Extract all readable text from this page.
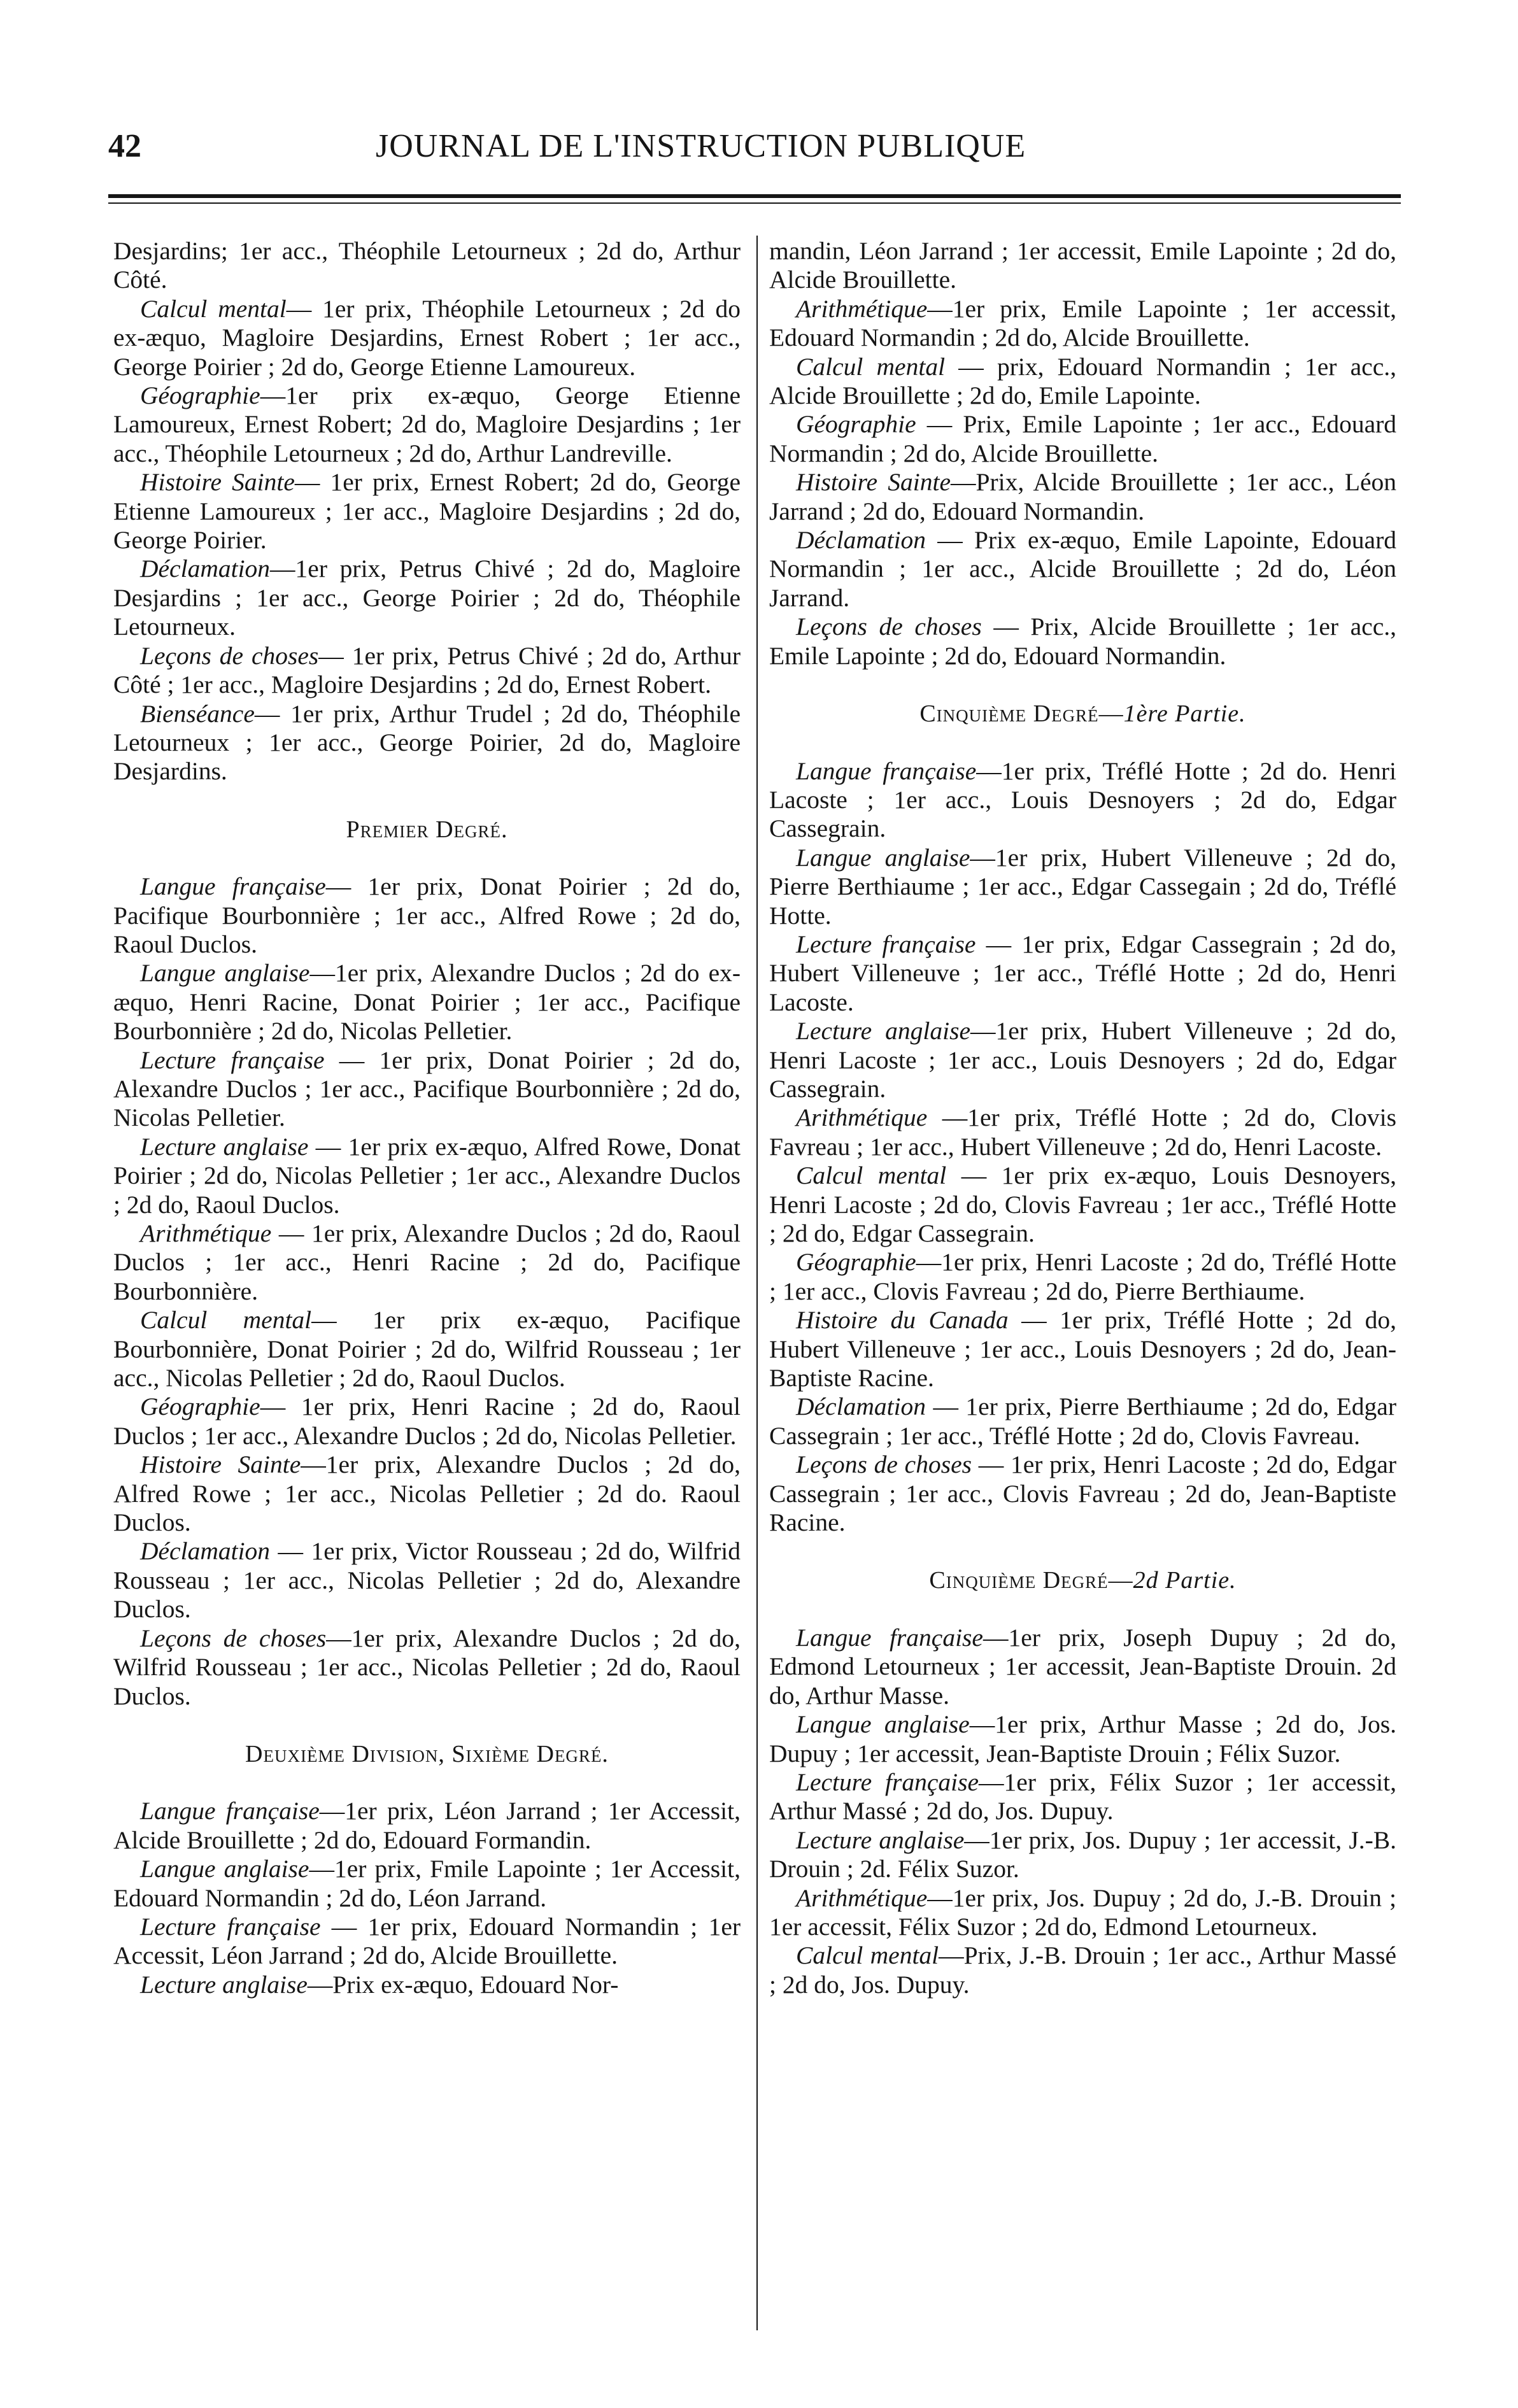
42	JOURNAL DE L'INSTRUCTION PUBLIQUE

Desjardins; 1er acc., Théophile Letourneux ; 2d do, Arthur Côté.

Calcul mental— 1er prix, Théophile Letourneux ; 2d do ex-æquo, Magloire Desjardins, Ernest Robert ; 1er acc., George Poirier ; 2d do, George Etienne Lamoureux.

Géographie—1er prix ex-æquo, George Etienne Lamoureux, Ernest Robert; 2d do, Magloire Desjardins ; 1er acc., Théophile Letourneux ; 2d do, Arthur Landreville.

Histoire Sainte— 1er prix, Ernest Robert; 2d do, George Etienne Lamoureux ; 1er acc., Magloire Desjardins ; 2d do, George Poirier.

Déclamation—1er prix, Petrus Chivé ; 2d do, Magloire Desjardins ; 1er acc., George Poirier ; 2d do, Théophile Letourneux.

Leçons de choses— 1er prix, Petrus Chivé ; 2d do, Arthur Côté ; 1er acc., Magloire Desjardins ; 2d do, Ernest Robert.

Bienséance— 1er prix, Arthur Trudel ; 2d do, Théophile Letourneux ; 1er acc., George Poirier, 2d do, Magloire Desjardins.

Premier Degré.

Langue française— 1er prix, Donat Poirier ; 2d do, Pacifique Bourbonnière ; 1er acc., Alfred Rowe ; 2d do, Raoul Duclos.

Langue anglaise—1er prix, Alexandre Duclos ; 2d do ex-æquo, Henri Racine, Donat Poirier ; 1er acc., Pacifique Bourbonnière ; 2d do, Nicolas Pelletier.

Lecture française — 1er prix, Donat Poirier ; 2d do, Alexandre Duclos ; 1er acc., Pacifique Bourbonnière ; 2d do, Nicolas Pelletier.

Lecture anglaise — 1er prix ex-æquo, Alfred Rowe, Donat Poirier ; 2d do, Nicolas Pelletier ; 1er acc., Alexandre Duclos ; 2d do, Raoul Duclos.

Arithmétique — 1er prix, Alexandre Duclos ; 2d do, Raoul Duclos ; 1er acc., Henri Racine ; 2d do, Pacifique Bourbonnière.

Calcul mental— 1er prix ex-æquo, Pacifique Bourbonnière, Donat Poirier ; 2d do, Wilfrid Rousseau ; 1er acc., Nicolas Pelletier ; 2d do, Raoul Duclos.

Géographie— 1er prix, Henri Racine ; 2d do, Raoul Duclos ; 1er acc., Alexandre Duclos ; 2d do, Nicolas Pelletier.

Histoire Sainte—1er prix, Alexandre Duclos ; 2d do, Alfred Rowe ; 1er acc., Nicolas Pelletier ; 2d do. Raoul Duclos.

Déclamation — 1er prix, Victor Rousseau ; 2d do, Wilfrid Rousseau ; 1er acc., Nicolas Pelletier ; 2d do, Alexandre Duclos.

Leçons de choses—1er prix, Alexandre Duclos ; 2d do, Wilfrid Rousseau ; 1er acc., Nicolas Pelletier ; 2d do, Raoul Duclos.

Deuxième Division, Sixième Degré.

Langue française—1er prix, Léon Jarrand ; 1er Accessit, Alcide Brouillette ; 2d do, Edouard Formandin.

Langue anglaise—1er prix, Fmile Lapointe ; 1er Accessit, Edouard Normandin ; 2d do, Léon Jarrand.

Lecture française — 1er prix, Edouard Normandin ; 1er Accessit, Léon Jarrand ; 2d do, Alcide Brouillette.

Lecture anglaise—Prix ex-æquo, Edouard Nor-

mandin, Léon Jarrand ; 1er accessit, Emile Lapointe ; 2d do, Alcide Brouillette.

Arithmétique—1er prix, Emile Lapointe ; 1er accessit, Edouard Normandin ; 2d do, Alcide Brouillette.

Calcul mental — prix, Edouard Normandin ; 1er acc., Alcide Brouillette ; 2d do, Emile Lapointe.

Géographie — Prix, Emile Lapointe ; 1er acc., Edouard Normandin ; 2d do, Alcide Brouillette.

Histoire Sainte—Prix, Alcide Brouillette ; 1er acc., Léon Jarrand ; 2d do, Edouard Normandin.

Déclamation — Prix ex-æquo, Emile Lapointe, Edouard Normandin ; 1er acc., Alcide Brouillette ; 2d do, Léon Jarrand.

Leçons de choses — Prix, Alcide Brouillette ; 1er acc., Emile Lapointe ; 2d do, Edouard Normandin.

Cinquième Degré—1ère Partie.

Langue française—1er prix, Tréflé Hotte ; 2d do. Henri Lacoste ; 1er acc., Louis Desnoyers ; 2d do, Edgar Cassegrain.

Langue anglaise—1er prix, Hubert Villeneuve ; 2d do, Pierre Berthiaume ; 1er acc., Edgar Cassegain ; 2d do, Tréflé Hotte.

Lecture française — 1er prix, Edgar Cassegrain ; 2d do, Hubert Villeneuve ; 1er acc., Tréflé Hotte ; 2d do, Henri Lacoste.

Lecture anglaise—1er prix, Hubert Villeneuve ; 2d do, Henri Lacoste ; 1er acc., Louis Desnoyers ; 2d do, Edgar Cassegrain.

Arithmétique —1er prix, Tréflé Hotte ; 2d do, Clovis Favreau ; 1er acc., Hubert Villeneuve ; 2d do, Henri Lacoste.

Calcul mental — 1er prix ex-æquo, Louis Desnoyers, Henri Lacoste ; 2d do, Clovis Favreau ; 1er acc., Tréflé Hotte ; 2d do, Edgar Cassegrain.

Géographie—1er prix, Henri Lacoste ; 2d do, Tréflé Hotte ; 1er acc., Clovis Favreau ; 2d do, Pierre Berthiaume.

Histoire du Canada — 1er prix, Tréflé Hotte ; 2d do, Hubert Villeneuve ; 1er acc., Louis Desnoyers ; 2d do, Jean-Baptiste Racine.

Déclamation — 1er prix, Pierre Berthiaume ; 2d do, Edgar Cassegrain ; 1er acc., Tréflé Hotte ; 2d do, Clovis Favreau.

Leçons de choses — 1er prix, Henri Lacoste ; 2d do, Edgar Cassegrain ; 1er acc., Clovis Favreau ; 2d do, Jean-Baptiste Racine.

Cinquième Degré—2d Partie.

Langue française—1er prix, Joseph Dupuy ; 2d do, Edmond Letourneux ; 1er accessit, Jean-Baptiste Drouin. 2d do, Arthur Masse.

Langue anglaise—1er prix, Arthur Masse ; 2d do, Jos. Dupuy ; 1er accessit, Jean-Baptiste Drouin ; Félix Suzor.

Lecture française—1er prix, Félix Suzor ; 1er accessit, Arthur Massé ; 2d do, Jos. Dupuy.

Lecture anglaise—1er prix, Jos. Dupuy ; 1er accessit, J.-B. Drouin ; 2d. Félix Suzor.

Arithmétique—1er prix, Jos. Dupuy ; 2d do, J.-B. Drouin ; 1er accessit, Félix Suzor ; 2d do, Edmond Letourneux.

Calcul mental—Prix, J.-B. Drouin ; 1er acc., Arthur Massé ; 2d do, Jos. Dupuy.
